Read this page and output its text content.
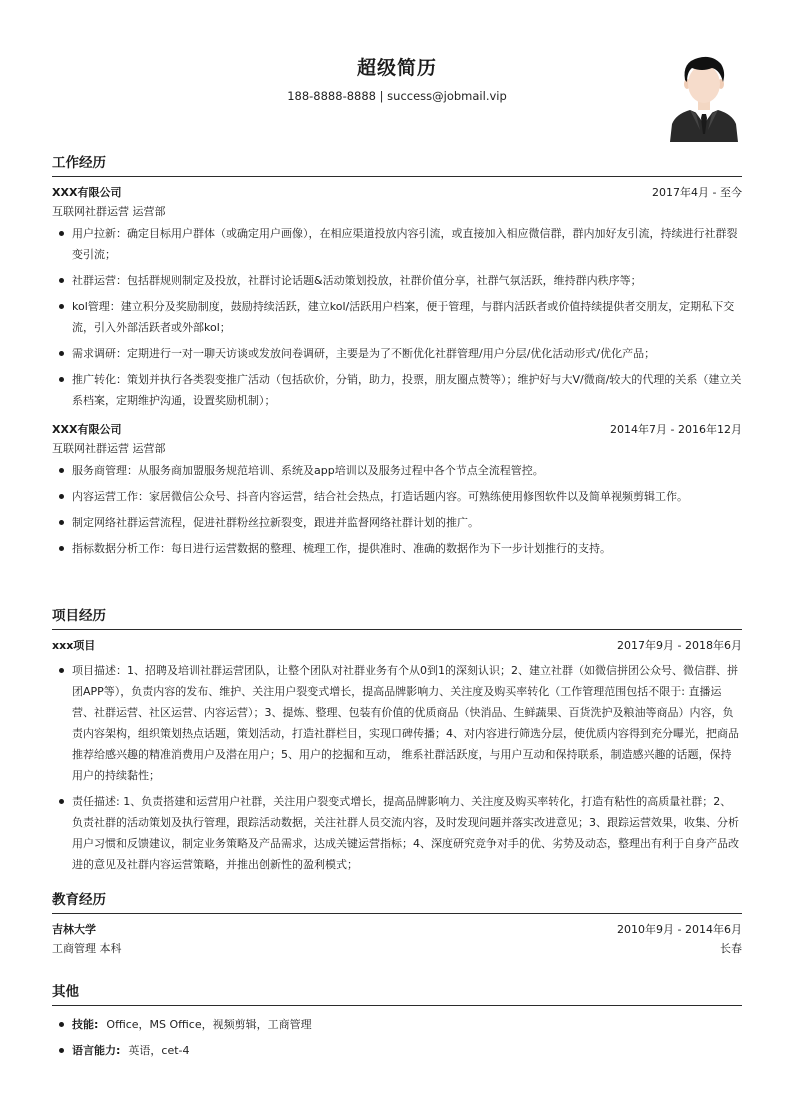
超级简历
188-8888-8888 | success@jobmail.vip
工作经历
XXX有限公司	2017年4月 - 至今
互联网社群运营 运营部
用户拉新：确定目标用户群体（或确定用户画像），在相应渠道投放内容引流，或直接加入相应微信群，群内加好友引流，持续进行社群裂变引流；
社群运营：包括群规则制定及投放，社群讨论话题&活动策划投放，社群价值分享，社群气氛活跃，维持群内秩序等；
kol管理：建立积分及奖励制度，鼓励持续活跃，建立kol/活跃用户档案，便于管理，与群内活跃者或价值持续提供者交朋友，定期私下交流，引入外部活跃者或外部kol；
需求调研：定期进行一对一聊天访谈或发放问卷调研，主要是为了不断优化社群管理/用户分层/优化活动形式/优化产品；
推广转化：策划并执行各类裂变推广活动（包括砍价，分销，助力，投票，朋友圈点赞等）；维护好与大V/微商/较大的代理的关系（建立关系档案，定期维护沟通，设置奖励机制）；
XXX有限公司	2014年7月 - 2016年12月
互联网社群运营 运营部
服务商管理：从服务商加盟服务规范培训、系统及app培训以及服务过程中各个节点全流程管控。
内容运营工作：家居微信公众号、抖音内容运营，结合社会热点，打造话题内容。可熟练使用修图软件以及简单视频剪辑工作。
制定网络社群运营流程，促进社群粉丝拉新裂变，跟进并监督网络社群计划的推广。
指标数据分析工作：每日进行运营数据的整理、梳理工作，提供准时、准确的数据作为下一步计划推行的支持。
项目经历
xxx项目	2017年9月 - 2018年6月
项目描述：1、招聘及培训社群运营团队，让整个团队对社群业务有个从0到1的深刻认识；2、建立社群（如微信拼团公众号、微信群、拼团APP等），负责内容的发布、维护、关注用户裂变式增长，提高品牌影响力、关注度及购买率转化（工作管理范围包括不限于: 直播运营、社群运营、社区运营、内容运营）；3、提炼、整理、包装有价值的优质商品（快消品、生鲜蔬果、百货洗护及粮油等商品）内容，负责内容架构，组织策划热点话题，策划活动，打造社群栏目，实现口碑传播；4、对内容进行筛选分层，使优质内容得到充分曝光，把商品推荐给感兴趣的精准消费用户及潜在用户；5、用户的挖掘和互动， 维系社群活跃度，与用户互动和保持联系，制造感兴趣的话题，保持用户的持续黏性；
责任描述: 1、负责搭建和运营用户社群，关注用户裂变式增长，提高品牌影响力、关注度及购买率转化，打造有粘性的高质量社群；2、负责社群的活动策划及执行管理，跟踪活动数据，关注社群人员交流内容，及时发现问题并落实改进意见；3、跟踪运营效果，收集、分析用户习惯和反馈建议，制定业务策略及产品需求，达成关键运营指标；4、深度研究竞争对手的优、劣势及动态，整理出有利于自身产品改进的意见及社群内容运营策略，并推出创新性的盈利模式；
教育经历
吉林大学	2010年9月 - 2014年6月
工商管理 本科	长春
其他
技能: Office，MS Office，视频剪辑，工商管理
语言能力: 英语，cet-4
